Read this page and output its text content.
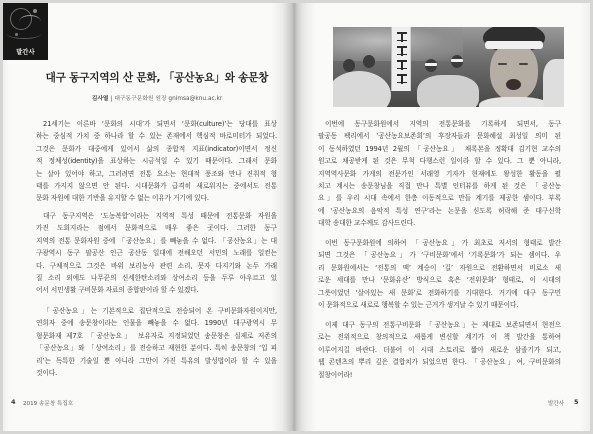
발간사
대구 동구지역의 산 문화, 「공산농요」와 송문창
김사열 | 대구동구문화원 원장 gnimsa@knu.ac.kr
21세기는 이른바 ‘문화의 시대’가 되면서 ‘문화(culture)’는 당대를 표상
하는 중심적 가치 중 하나라 할 수 있는 존재에서 핵심적 바로미터가 되었다.
그것은 문화가 대중에게 있어서 삶의 종합적 지표(indicator)이면서 정신
적 정체성(identity)을 표상하는 시금석일 수 있기 때문이다. 그래서 문화
는 살아 있어야 하고, 그러려면 전통 요소는 현대적 풍조와 만나 진취적 형
태를 가지지 않으면 안 된다. 시대문화가 급격히 새로워지는 중에서도 전통
문화 자원에 대한 기반을 유지할 수 없는 이유가 거기에 있다.
대구 동구지역은 ‘도농복합’이라는 지역적 특성 때문에 전통문화 자원을
가진 도회지라는 점에서 문화적으로 매우 좋은 곳이다. 그러한 동구
지역의 전통 문화자원 중에 「공산농요」를 빼놓을 수 없다. 「공산농요」는 대
구광역시 동구 팔공산 인근 공산동 일대에 전해오던 서민의 노래를 일컫는
다. 구체적으로 그것은 바위 보리농사 관련 소리, 못자 다지기와 논두 가래
질 소리 외에도 나무꾼의 신세한탄소리와 상여소리 등을 두루 아우르고 있
어서 서민생활 구비문화 자료의 종합판이라 할 수 있겠다.
「공산농요」는 기본적으로 집단적으로 전승되어 온 구비문화자원이지만,
연희자 중에 송문창이라는 인물을 빼놓을 수 없다. 1990년 대구광역시 무
형문화재 제7호 「공산농요」 보유자로 지정되었던 송문창은 실제로 저존의
「공산농요」와 「상여소리」를 전승하고 재현한 분이다. 특히 송문창의 ‘입 피
리’는 독특한 기술일 뿐 아니라 그만이 가진 특유의 발성법이라 할 수 있을
것이다.
4 2019 송문창 특집호
이번에 동구문화원에서 지역의 전통문화를 기록하게 되면서, 동구
팔공동 팩리에서 ‘공산농요보존회’의 후장자들과 문화해설 최성일 의미 된
이 동석하였던 1994년 2월의 「공산농요」 채록본을 정확대 김기현 교수의
원고로 채공받게 된 것은 무척 다행스런 일이라 할 수 있다. 그 뿐 아니라,
지역역사문화 가게의 전문가인 서래영 기자가 현재에도 왕성한 활동을 펼
치고 계시는 송문창님을 직접 만나 특별 인터뷰를 하게 된 것은 「공산농
요」를 우리 시대 속에서 한층 이동적으로 만들 계기를 제공한 셈이다. 부록
에 ‘공산농요의 음악적 특성 연구’라는 논문을 싣도록 허락해 준 대구신학
대학 송대한 교수께도 감사드린다.
이번 동구문화원에 의하여 「공산농요」가 최초로 저서의 형태로 발간
되면 그것은 「공산농요」가 ‘구비문화’에서 ‘기록문화’가 되는 셈이다. 우
리 문화원에서는 ‘전통의 맥’ 계승이 ‘길’ 자원으로 전환하면서 비로소 새
로운 세대를 만나 ‘문화유산’ 방식으로 혹은 ‘전위문화’ 형태로, 이 시대의
그릇이었던 ‘살아있는 새 문화’로 전화하기를 기대한다. 거기에 대구 동구민
이 문화적으로 새로로 행복할 수 있는 근거가 생겨날 수 있기 때문이다.
이제 대구 동구의 전통구비문화 「공산농요」는 제대로 보존되면서 현전으
로는 전위적으로 창의적으로 새롭게 변신할 계기가 이 책 발간을 통하여
이루어지길 바란다. 더불어 이 시대 스토리로 짧아 새로운 삼졸기가 되고,
웹 콘텐츠의 뿌리 깊은 결합치가 되었으면 한다. 「공산농요」여, 구비문화의
절창이어라!
발간사 5
